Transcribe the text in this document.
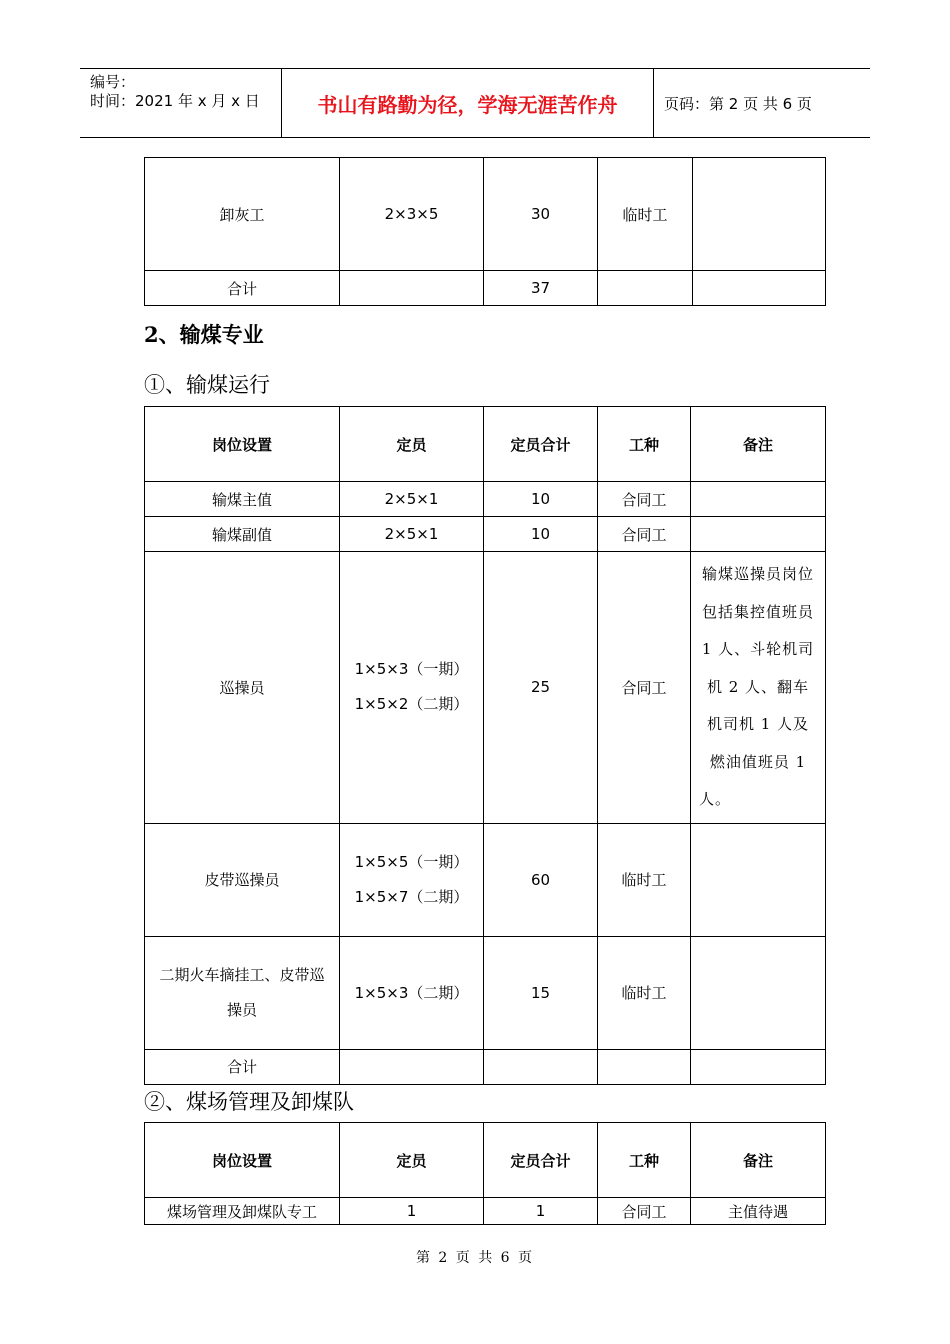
编号：
时间：2021 年 x 月 x 日	书山有路勤为径，学海无涯苦作舟	页码：第 2 页 共 6 页
卸灰工	2×3×5	30	临时工	
合计		37		
2、输煤专业
①、输煤运行
岗位设置	定员	定员合计	工种	备注
输煤主值	2×5×1	10	合同工	
输煤副值	2×5×1	10	合同工	
巡操员	1×5×3（一期）
1×5×2（二期）	25	合同工	输煤巡操员岗位包括集控值班员 1 人、斗轮机司机 2 人、翻车机司机 1 人及燃油值班员 1 人。
皮带巡操员	1×5×5（一期）
1×5×7（二期）	60	临时工	
二期火车摘挂工、皮带巡操员	1×5×3（二期）	15	临时工	
合计				
②、煤场管理及卸煤队
岗位设置	定员	定员合计	工种	备注
煤场管理及卸煤队专工	1	1	合同工	主值待遇
第 2 页 共 6 页
